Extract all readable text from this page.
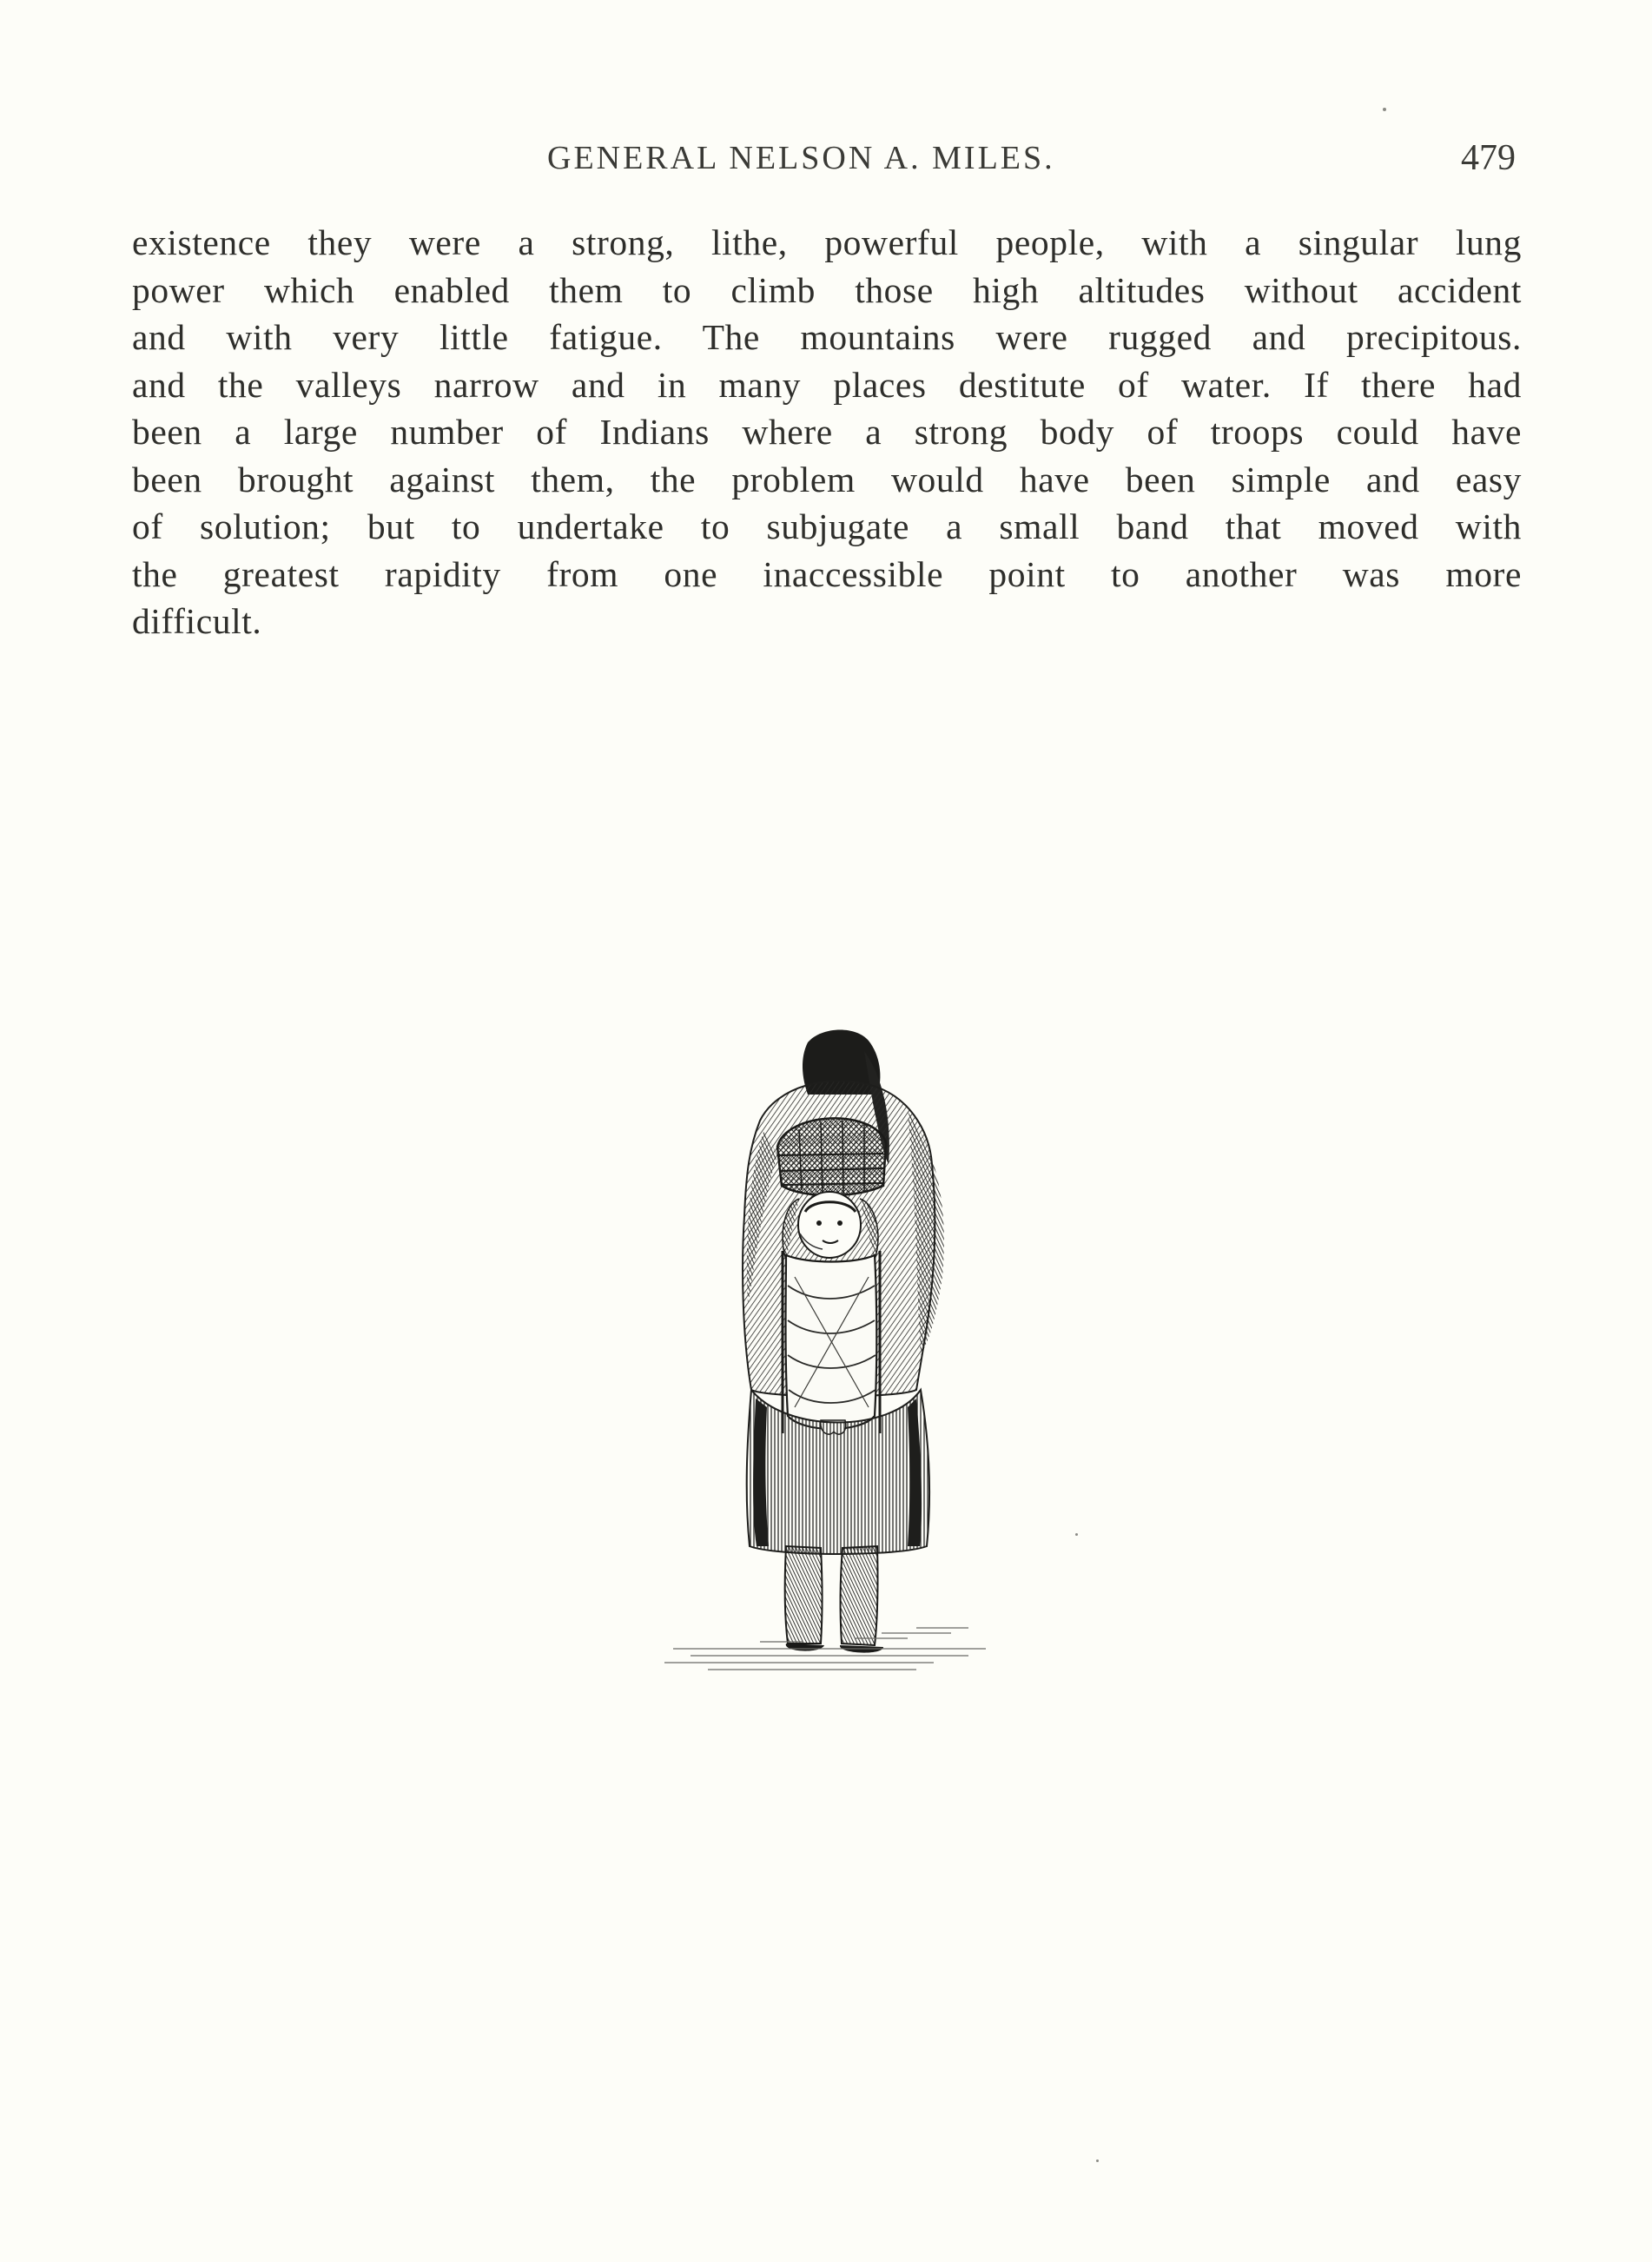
GENERAL NELSON A. MILES.	479

existence they were a strong, lithe, powerful people, with a singular lung
power which enabled them to climb those high altitudes without accident
and with very little fatigue. The mountains were rugged and precipitous.
and the valleys narrow and in many places destitute of water. If there had
been a large number of Indians where a strong body of troops could have
been brought against them, the problem would have been simple and easy
of solution; but to undertake to subjugate a small band that moved with
the greatest rapidity from one inaccessible point to another was more
difficult.
